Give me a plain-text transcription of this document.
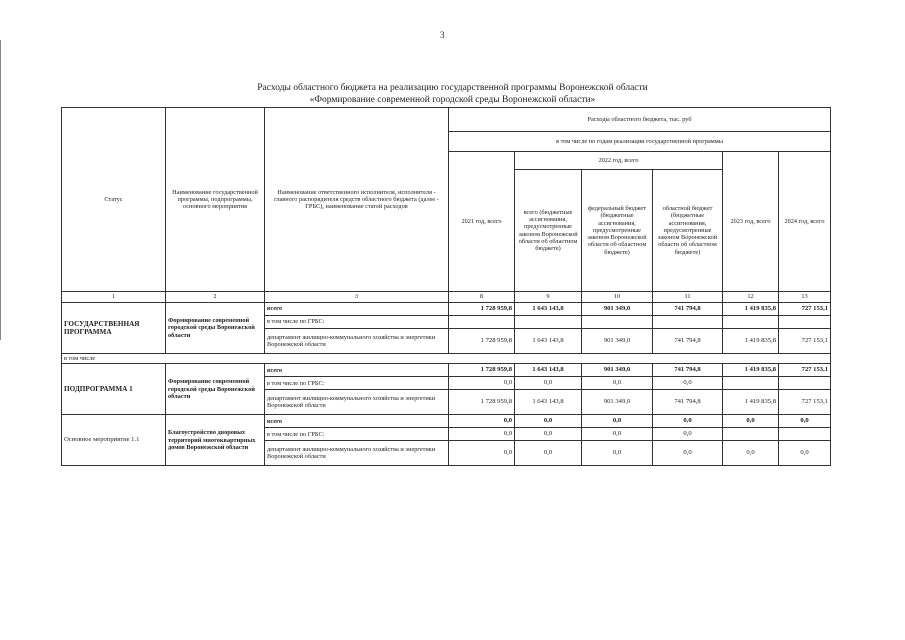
3
Расходы областного бюджета на реализацию государственной программы Воронежской области
«Формирование современной городской среды Воронежской области»
Статус	Наименование государственной программы, подпрограммы, основного мероприятия	Наименование ответственного исполнителя, исполнителя - главного распорядителя средств областного бюджета (далее - ГРБС), наименование статей расходов	Расходы областного бюджета, тыс. руб					
			в том числе по годам реализации государственной программы					
			2021 год, всего	2022 год, всего			2023 год, всего	2024 год, всего
				всего (бюджетные ассигнования, предусмотренные законом Воронежской области об областном бюджете)	федеральный бюджет (бюджетные ассигнования, предусмотренные законом Воронежской области об областном бюджете)	областной бюджет (бюджетные ассигнования, предусмотренные законом Воронежской области об областном бюджете)		
1	2	3	8	9	10	11	12	13
ГОСУДАРСТВЕННАЯ ПРОГРАММА	Формирование современной городской среды Воронежской области	всего	1 728 959,8	1 643 143,8	901 349,0	741 794,8	1 419 835,8	727 153,1
		в том числе по ГРБС:						
		департамент жилищно-коммунального хозяйства и энергетики Воронежской области	1 728 959,8	1 643 143,8	901 349,0	741 794,8	1 419 835,8	727 153,1
в том числе								
ПОДПРОГРАММА 1	Формирование современной городской среды Воронежской области	всего	1 728 959,8	1 643 143,8	901 349,0	741 794,8	1 419 835,8	727 153,1
		в том числе по ГРБС:	0,0	0,0	0,0	0,0		
		департамент жилищно-коммунального хозяйства и энергетики Воронежской области	1 728 959,8	1 643 143,8	901 349,0	741 794,8	1 419 835,8	727 153,1
Основное мероприятие 1.1	Благоустройство дворовых территорий многоквартирных домов Воронежской области	всего	0,0	0,0	0,0	0,0	0,0	0,0
		в том числе по ГРБС:	0,0	0,0	0,0	0,0		
		департамент жилищно-коммунального хозяйства и энергетики Воронежской области	0,0	0,0	0,0	0,0	0,0	0,0
